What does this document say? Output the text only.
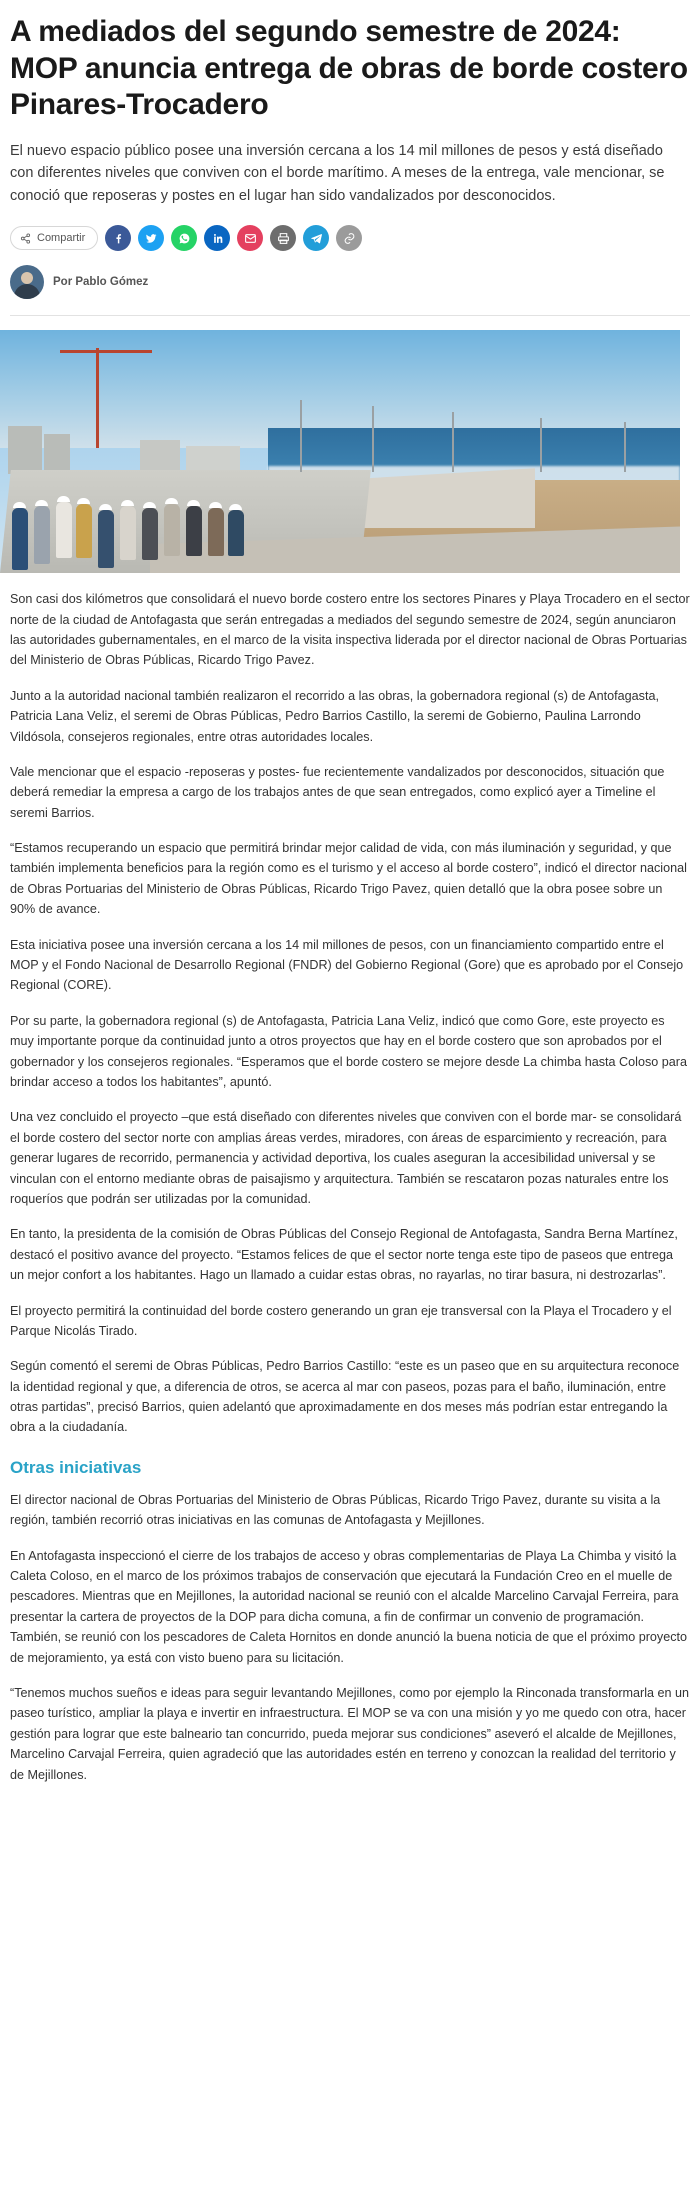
A mediados del segundo semestre de 2024: MOP anuncia entrega de obras de borde costero Pinares-Trocadero

El nuevo espacio público posee una inversión cercana a los 14 mil millones de pesos y está diseñado con diferentes niveles que conviven con el borde marítimo. A meses de la entrega, vale mencionar, se conoció que reposeras y postes en el lugar han sido vandalizados por desconocidos.

Compartir
Por Pablo Gómez

Son casi dos kilómetros que consolidará el nuevo borde costero entre los sectores Pinares y Playa Trocadero en el sector norte de la ciudad de Antofagasta que serán entregadas a mediados del segundo semestre de 2024, según anunciaron las autoridades gubernamentales, en el marco de la visita inspectiva liderada por el director nacional de Obras Portuarias del Ministerio de Obras Públicas, Ricardo Trigo Pavez.

Junto a la autoridad nacional también realizaron el recorrido a las obras, la gobernadora regional (s) de Antofagasta, Patricia Lana Veliz, el seremi de Obras Públicas, Pedro Barrios Castillo, la seremi de Gobierno, Paulina Larrondo Vildósola, consejeros regionales, entre otras autoridades locales.

Vale mencionar que el espacio -reposeras y postes- fue recientemente vandalizados por desconocidos, situación que deberá remediar la empresa a cargo de los trabajos antes de que sean entregados, como explicó ayer a Timeline el seremi Barrios.

“Estamos recuperando un espacio que permitirá brindar mejor calidad de vida, con más iluminación y seguridad, y que también implementa beneficios para la región como es el turismo y el acceso al borde costero”, indicó el director nacional de Obras Portuarias del Ministerio de Obras Públicas, Ricardo Trigo Pavez, quien detalló que la obra posee sobre un 90% de avance.

Esta iniciativa posee una inversión cercana a los 14 mil millones de pesos, con un financiamiento compartido entre el MOP y el Fondo Nacional de Desarrollo Regional (FNDR) del Gobierno Regional (Gore) que es aprobado por el Consejo Regional (CORE).

Por su parte, la gobernadora regional (s) de Antofagasta, Patricia Lana Veliz, indicó que como Gore, este proyecto es muy importante porque da continuidad junto a otros proyectos que hay en el borde costero que son aprobados por el gobernador y los consejeros regionales. “Esperamos que el borde costero se mejore desde La chimba hasta Coloso para brindar acceso a todos los habitantes”, apuntó.

Una vez concluido el proyecto –que está diseñado con diferentes niveles que conviven con el borde mar- se consolidará el borde costero del sector norte con amplias áreas verdes, miradores, con áreas de esparcimiento y recreación, para generar lugares de recorrido, permanencia y actividad deportiva, los cuales aseguran la accesibilidad universal y se vinculan con el entorno mediante obras de paisajismo y arquitectura. También se rescataron pozas naturales entre los roqueríos que podrán ser utilizadas por la comunidad.

En tanto, la presidenta de la comisión de Obras Públicas del Consejo Regional de Antofagasta, Sandra Berna Martínez, destacó el positivo avance del proyecto. “Estamos felices de que el sector norte tenga este tipo de paseos que entrega un mejor confort a los habitantes. Hago un llamado a cuidar estas obras, no rayarlas, no tirar basura, ni destrozarlas”.

El proyecto permitirá la continuidad del borde costero generando un gran eje transversal con la Playa el Trocadero y el Parque Nicolás Tirado.

Según comentó el seremi de Obras Públicas, Pedro Barrios Castillo: “este es un paseo que en su arquitectura reconoce la identidad regional y que, a diferencia de otros, se acerca al mar con paseos, pozas para el baño, iluminación, entre otras partidas”, precisó Barrios, quien adelantó que aproximadamente en dos meses más podrían estar entregando la obra a la ciudadanía.

Otras iniciativas

El director nacional de Obras Portuarias del Ministerio de Obras Públicas, Ricardo Trigo Pavez, durante su visita a la región, también recorrió otras iniciativas en las comunas de Antofagasta y Mejillones.

En Antofagasta inspeccionó el cierre de los trabajos de acceso y obras complementarias de Playa La Chimba y visitó la Caleta Coloso, en el marco de los próximos trabajos de conservación que ejecutará la Fundación Creo en el muelle de pescadores. Mientras que en Mejillones, la autoridad nacional se reunió con el alcalde Marcelino Carvajal Ferreira, para presentar la cartera de proyectos de la DOP para dicha comuna, a fin de confirmar un convenio de programación. También, se reunió con los pescadores de Caleta Hornitos en donde anunció la buena noticia de que el próximo proyecto de mejoramiento, ya está con visto bueno para su licitación.

“Tenemos muchos sueños e ideas para seguir levantando Mejillones, como por ejemplo la Rinconada transformarla en un paseo turístico, ampliar la playa e invertir en infraestructura. El MOP se va con una misión y yo me quedo con otra, hacer gestión para lograr que este balneario tan concurrido, pueda mejorar sus condiciones” aseveró el alcalde de Mejillones, Marcelino Carvajal Ferreira, quien agradeció que las autoridades estén en terreno y conozcan la realidad del territorio y de Mejillones.
